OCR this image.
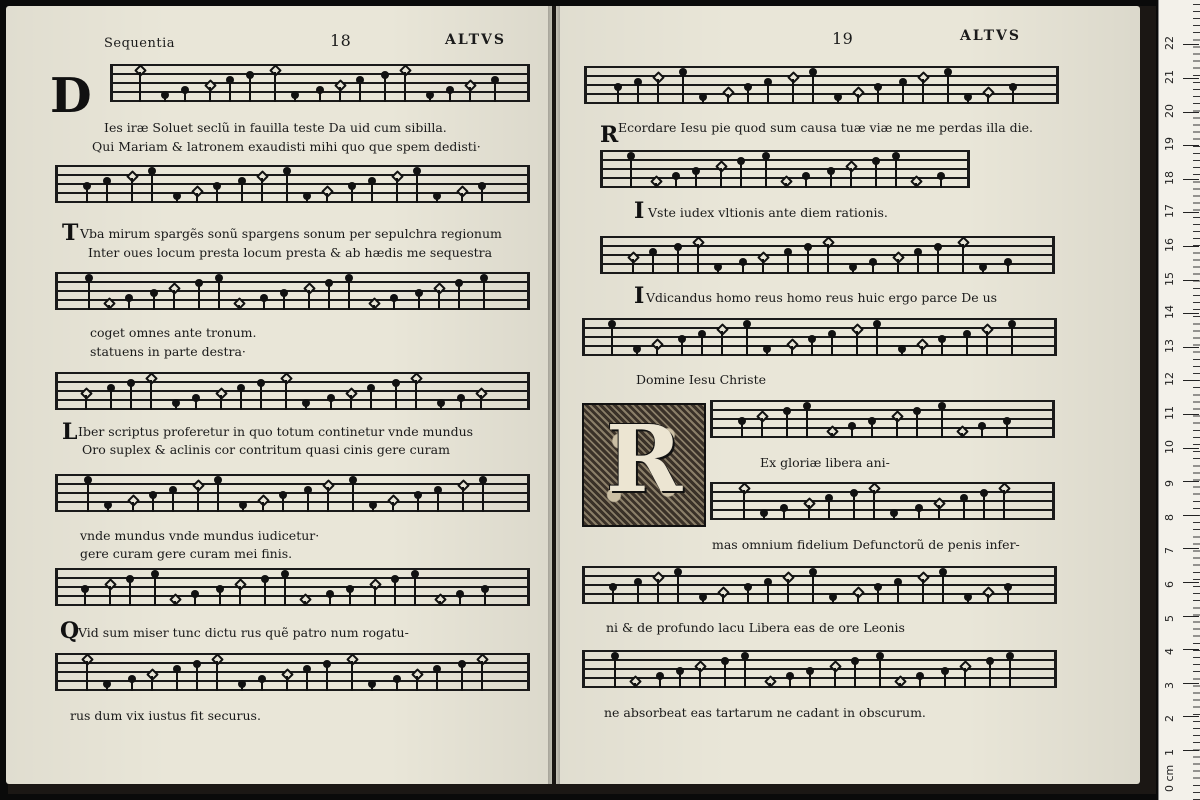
Sequentia	18	ALTVS
D
T
L
Q
Ies iræ Soluet seclũ in fauilla teste Da uid cum sibilla.
Qui Mariam & latronem exaudisti mihi quo que spem dedisti·
Vba mirum spargẽs sonũ spargens sonum per sepulchra regionum
Inter oues locum presta locum presta & ab hædis me sequestra
coget omnes ante tronum.
statuens in parte destra·
Iber scriptus proferetur in quo totum continetur vnde mundus
Oro suplex & aclinis cor contritum quasi cinis gere curam
vnde mundus vnde mundus iudicetur·
gere curam gere curam mei finis.
Vid sum miser tunc dictu rus quẽ patro num rogatu-
rus dum vix iustus fit securus.
19	ALTVS
R
I
I
R
Ecordare Iesu pie quod sum causa tuæ viæ ne me perdas illa die.
Vste iudex vltionis ante diem rationis.
Vdicandus homo reus homo reus huic ergo parce De us
Domine Iesu Christe
Ex gloriæ libera ani-
mas omnium fidelium Defunctorũ de penis infer-
ni & de profundo lacu Libera eas de ore Leonis
ne absorbeat eas tartarum ne cadant in obscurum.
0 cm
1
2
3
4
5
6
7
8
9
10
11
12
13
14
15
16
17
18
19
20
21
22
